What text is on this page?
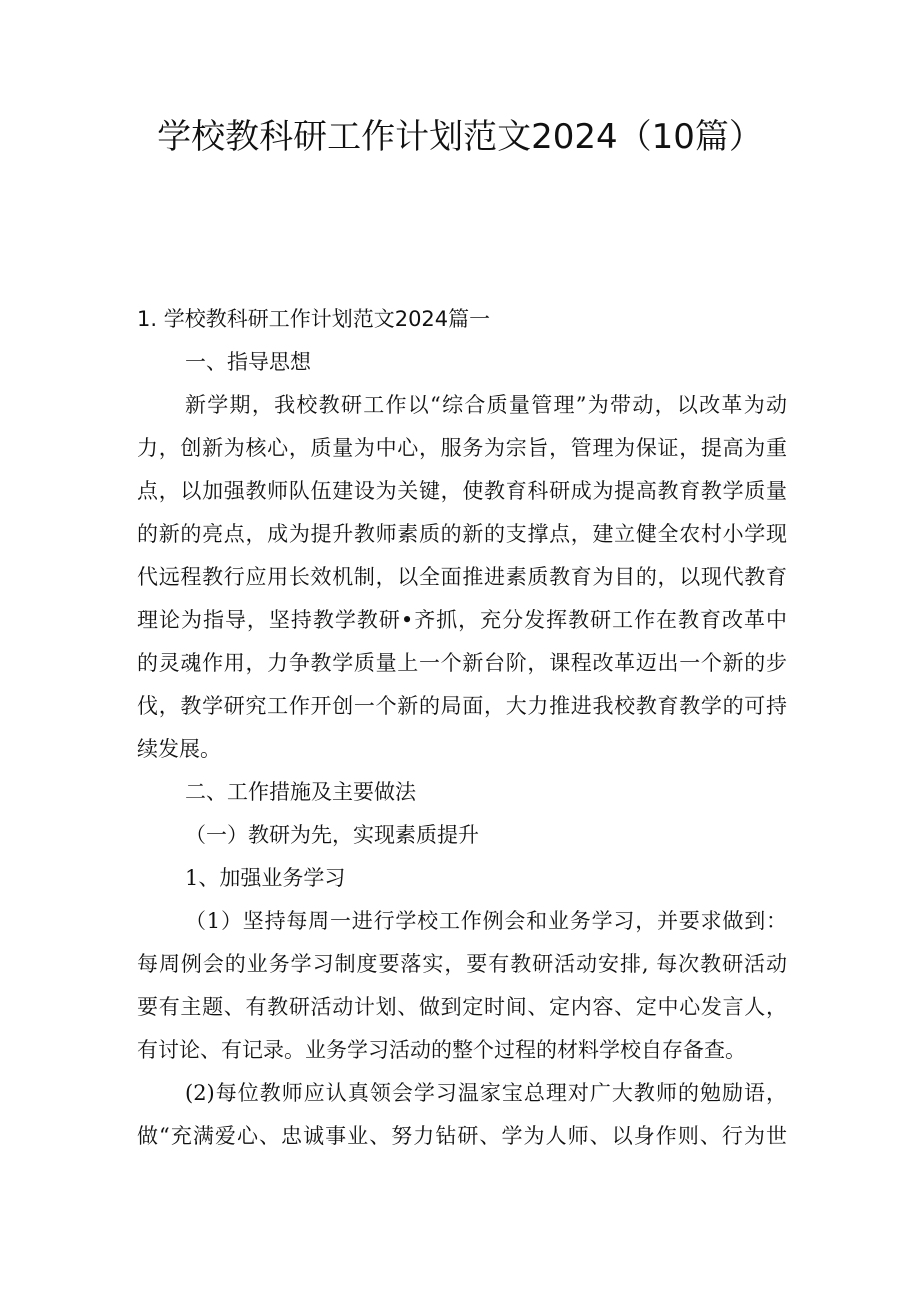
学校教科研工作计划范文2024（10篇）

1. 学校教科研工作计划范文2024篇一

一、指导思想

新学期，我校教研工作以“综合质量管理”为带动，以改革为动

力，创新为核心，质量为中心，服务为宗旨，管理为保证，提高为重

点，以加强教师队伍建设为关键，使教育科研成为提高教育教学质量

的新的亮点，成为提升教师素质的新的支撑点，建立健全农村小学现

代远程教行应用长效机制，以全面推进素质教育为目的，以现代教育

理论为指导，坚持教学教研•齐抓，充分发挥教研工作在教育改革中

的灵魂作用，力争教学质量上一个新台阶，课程改革迈出一个新的步

伐，教学研究工作开创一个新的局面，大力推进我校教育教学的可持

续发展。

二、工作措施及主要做法

（一）教研为先，实现素质提升

1、加强业务学习

（1）坚持每周一进行学校工作例会和业务学习，并要求做到：

每周例会的业务学习制度要落实，要有教研活动安排, 每次教研活动

要有主题、有教研活动计划、做到定时间、定内容、定中心发言人，

有讨论、有记录。业务学习活动的整个过程的材料学校自存备查。

(2)每位教师应认真领会学习温家宝总理对广大教师的勉励语，

做“充满爱心、忠诚事业、努力钻研、学为人师、以身作则、行为世
